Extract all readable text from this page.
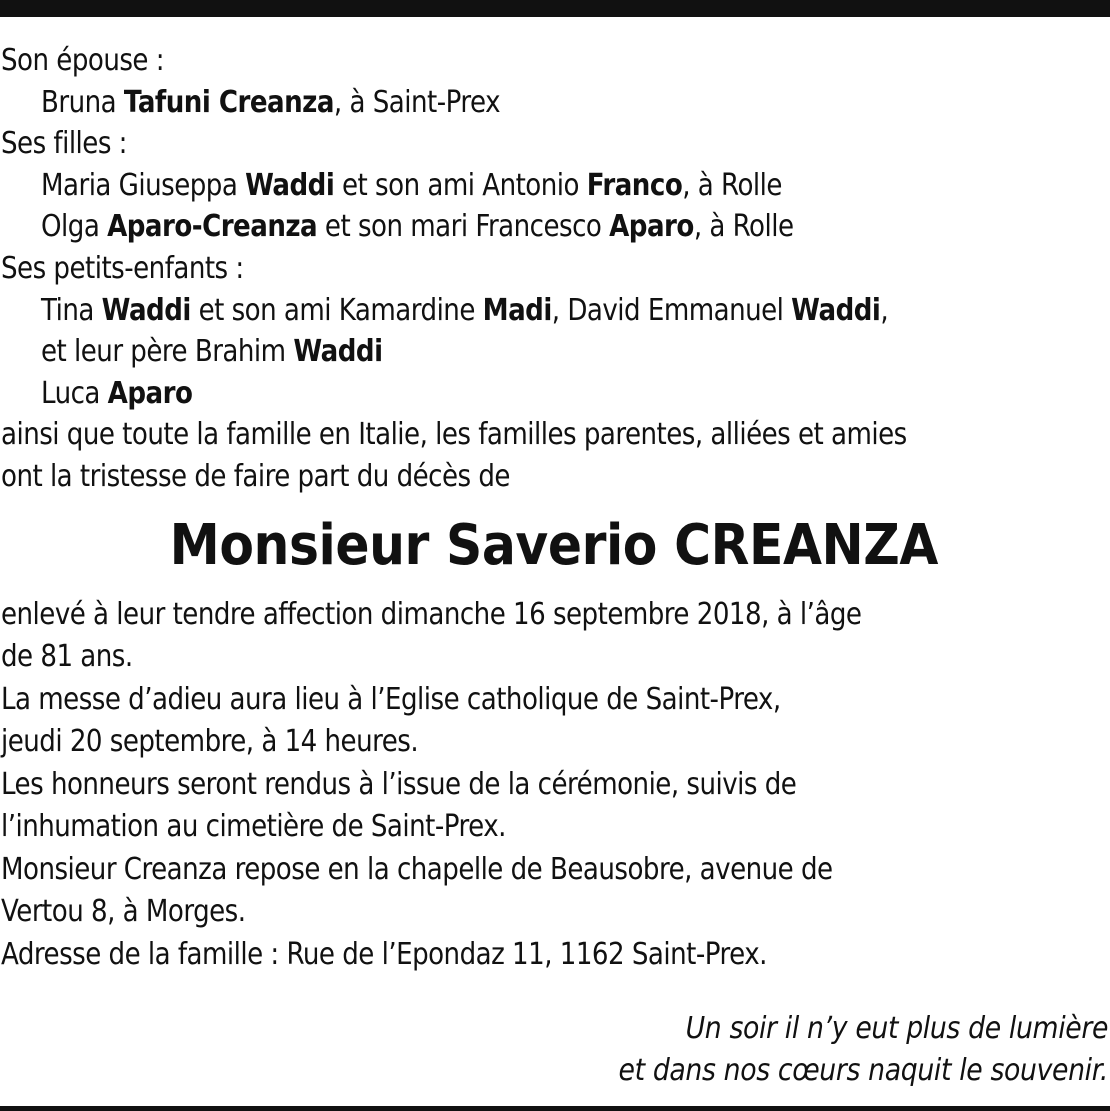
Son épouse :
Bruna Tafuni Creanza, à Saint-Prex
Ses filles :
Maria Giuseppa Waddi et son ami Antonio Franco, à Rolle
Olga Aparo-Creanza et son mari Francesco Aparo, à Rolle
Ses petits-enfants :
Tina Waddi et son ami Kamardine Madi, David Emmanuel Waddi,
et leur père Brahim Waddi
Luca Aparo
ainsi que toute la famille en Italie, les familles parentes, alliées et amies
ont la tristesse de faire part du décès de
Monsieur Saverio CREANZA
enlevé à leur tendre affection dimanche 16 septembre 2018, à l’âge
de 81 ans.
La messe d’adieu aura lieu à l’Eglise catholique de Saint-Prex,
jeudi 20 septembre, à 14 heures.
Les honneurs seront rendus à l’issue de la cérémonie, suivis de
l’inhumation au cimetière de Saint-Prex.
Monsieur Creanza repose en la chapelle de Beausobre, avenue de
Vertou 8, à Morges.
Adresse de la famille : Rue de l’Epondaz 11, 1162 Saint-Prex.
Un soir il n’y eut plus de lumière
et dans nos cœurs naquit le souvenir.
